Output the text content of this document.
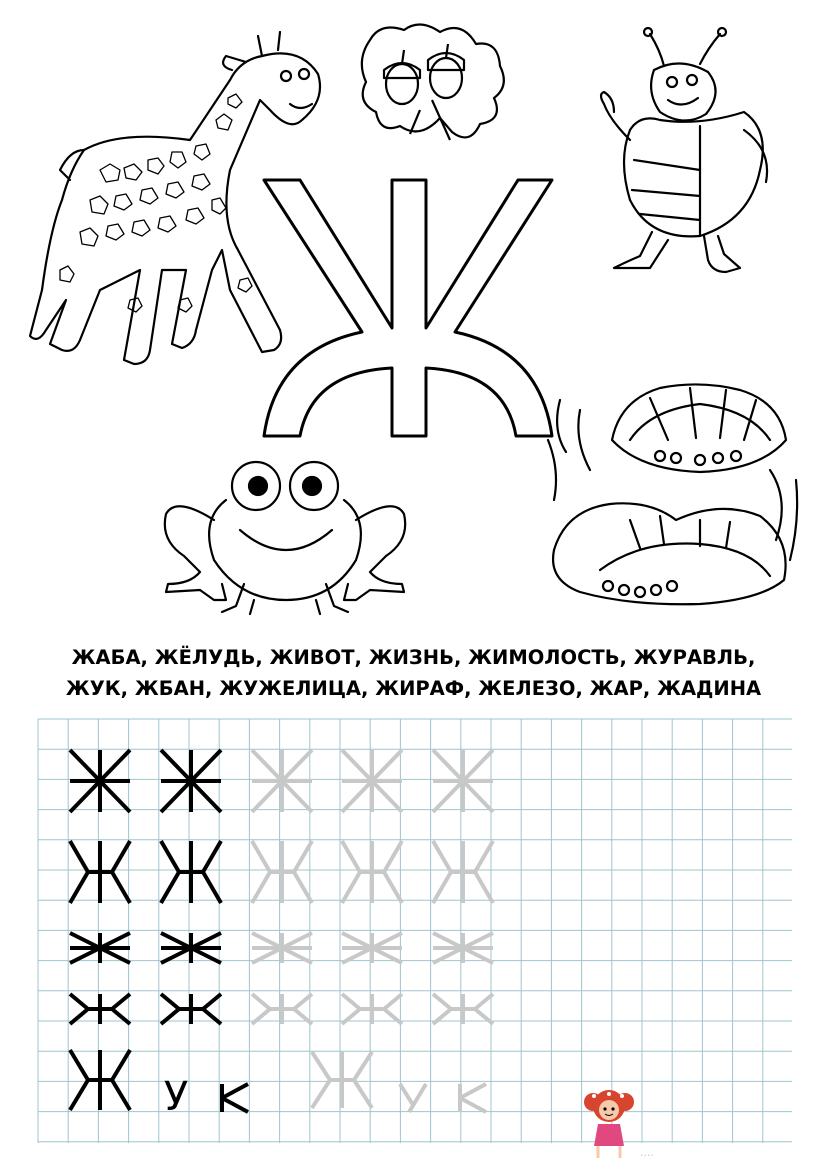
ЖАБА, ЖЁЛУДЬ, ЖИВОТ, ЖИЗНЬ, ЖИМОЛОСТЬ, ЖУРАВЛЬ,
ЖУК, ЖБАН, ЖУЖЕЛИЦА, ЖИРАФ, ЖЕЛЕЗО, ЖАР, ЖАДИНА
У
....
